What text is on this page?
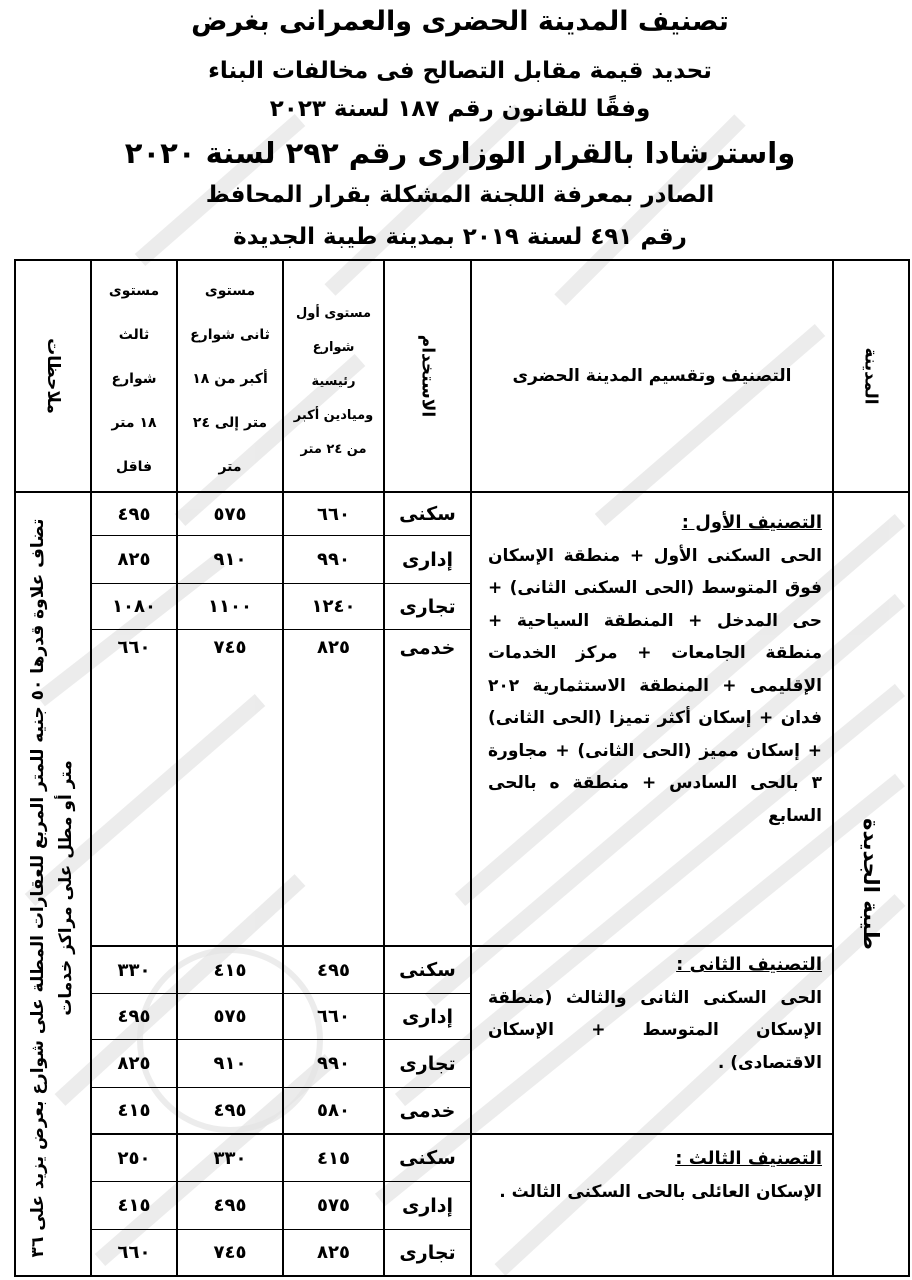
تصنيف المدينة الحضرى والعمرانى بغرض
تحديد قيمة مقابل التصالح فى مخالفات البناء
وفقًا للقانون رقم ١٨٧ لسنة ٢٠٢٣
واسترشادا بالقرار الوزارى رقم ٢٩٢ لسنة ٢٠٢٠
الصادر بمعرفة اللجنة المشكلة بقرار المحافظ
رقم ٤٩١ لسنة ٢٠١٩ بمدينة طيبة الجديدة
المدينة
التصنيف وتقسيم المدينة الحضرى
الاستخدام
مستوى أول
شوارع
رئيسية
وميادين أكبر
من ٢٤ متر
مستوى
ثانى شوارع
أكبر من ١٨
متر إلى ٢٤
متر
مستوى
ثالث
شوارع
١٨ متر
فاقل
ملاحظات
طيبة الجديدة
التصنيف الأول :
الحى السكنى الأول + منطقة الإسكان فوق المتوسط (الحى السكنى الثانى) + حى المدخل + المنطقة السياحية + منطقة الجامعات + مركز الخدمات الإقليمى + المنطقة الاستثمارية ٢٠٢ فدان + إسكان أكثر تميزا (الحى الثانى) + إسكان مميز (الحى الثانى) + مجاورة ٣ بالحى السادس + منطقة ه بالحى السابع
التصنيف الثانى :
الحى السكنى الثانى والثالث (منطقة الإسكان المتوسط + الإسكان الاقتصادى) .
التصنيف الثالث :
الإسكان العائلى بالحى السكنى الثالث .
سكنى
٦٦٠
٥٧٥
٤٩٥
إدارى
٩٩٠
٩١٠
٨٢٥
تجارى
١٢٤٠
١١٠٠
١٠٨٠
خدمى
٨٢٥
٧٤٥
٦٦٠
سكنى
٤٩٥
٤١٥
٣٣٠
إدارى
٦٦٠
٥٧٥
٤٩٥
تجارى
٩٩٠
٩١٠
٨٢٥
خدمى
٥٨٠
٤٩٥
٤١٥
سكنى
٤١٥
٣٣٠
٢٥٠
إدارى
٥٧٥
٤٩٥
٤١٥
تجارى
٨٢٥
٧٤٥
٦٦٠
تضاف علاوة قدرها ٥٠ جنيه للمتر المربع للعقارات المطلة على شوارع بعرض يزيد على ٣٦ متر أو مطل على مراكز خدمات
